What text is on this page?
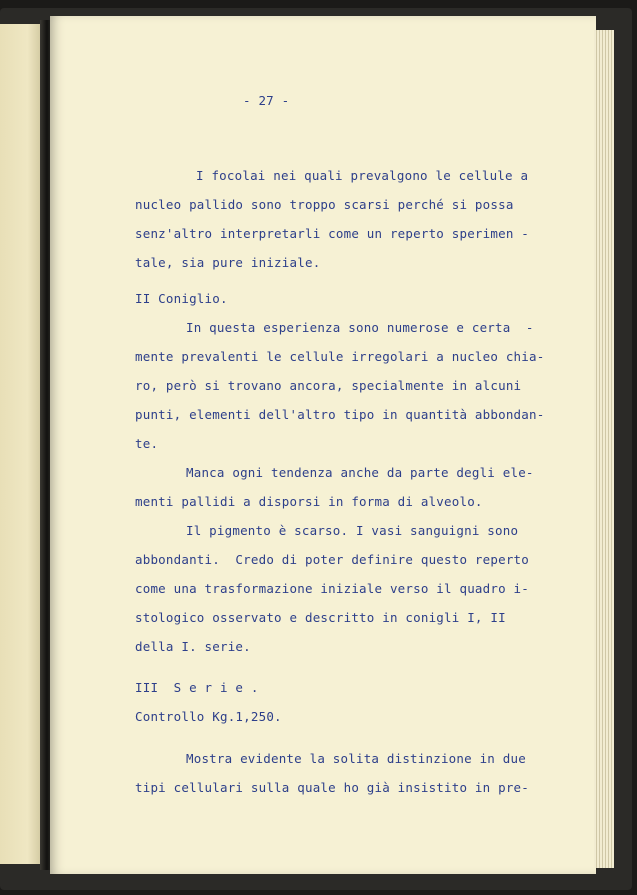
- 27 -
I focolai nei quali prevalgono le cellule a
nucleo pallido sono troppo scarsi perché si possa
senz'altro interpretarli come un reperto sperimen -
tale, sia pure iniziale.
II Coniglio.
In questa esperienza sono numerose e certa  -
mente prevalenti le cellule irregolari a nucleo chia-
ro, però si trovano ancora, specialmente in alcuni
punti, elementi dell'altro tipo in quantità abbondan-
te.
Manca ogni tendenza anche da parte degli ele-
menti pallidi a disporsi in forma di alveolo.
Il pigmento è scarso. I vasi sanguigni sono
abbondanti.  Credo di poter definire questo reperto
come una trasformazione iniziale verso il quadro i-
stologico osservato e descritto in conigli I, II
della I. serie.
III  S e r i e .
Controllo Kg.1,250.
Mostra evidente la solita distinzione in due
tipi cellulari sulla quale ho già insistito in pre-
